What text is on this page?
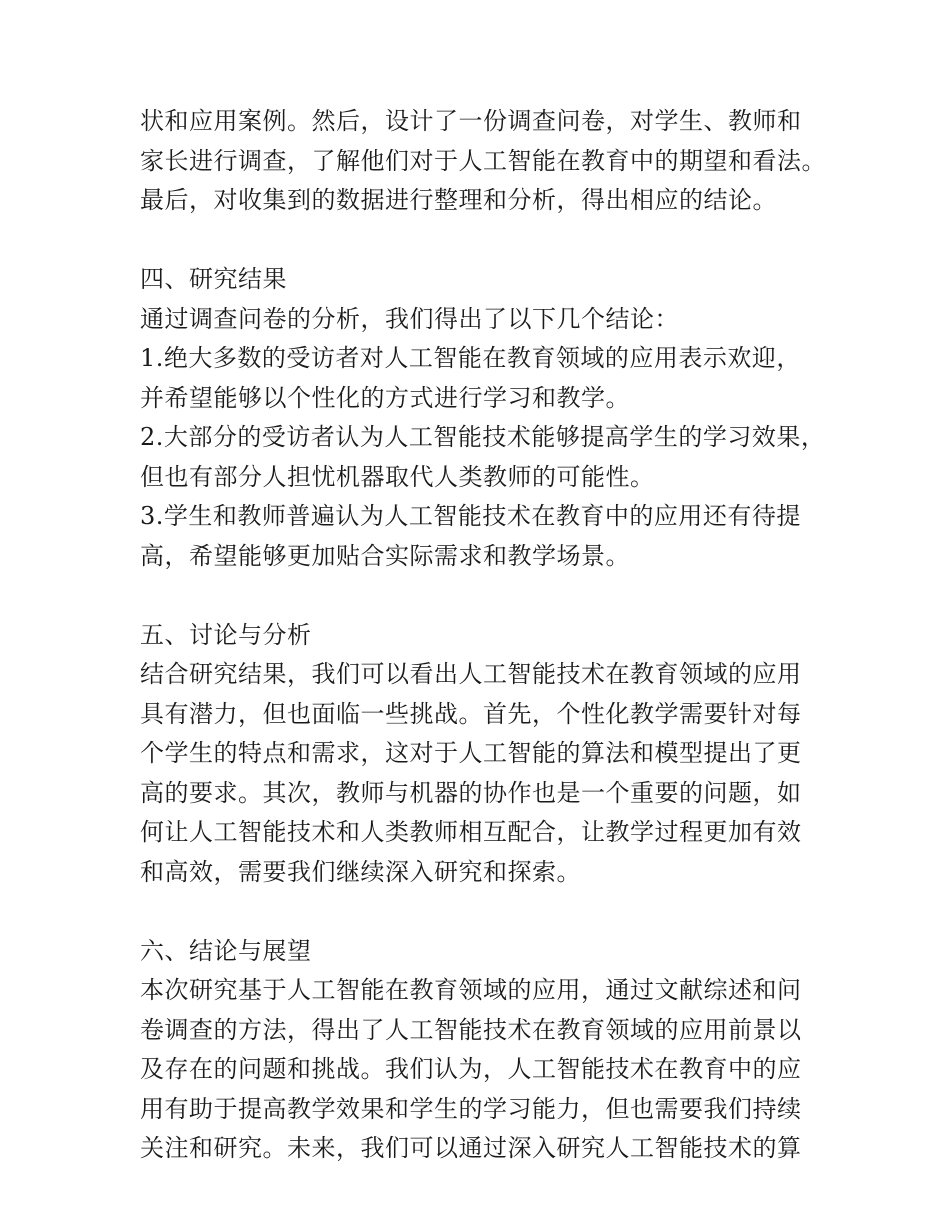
状和应用案例。然后，设计了一份调查问卷，对学生、教师和
家长进行调查，了解他们对于人工智能在教育中的期望和看法。
最后，对收集到的数据进行整理和分析，得出相应的结论。
四、研究结果
通过调查问卷的分析，我们得出了以下几个结论：
1.绝大多数的受访者对人工智能在教育领域的应用表示欢迎，
并希望能够以个性化的方式进行学习和教学。
2.大部分的受访者认为人工智能技术能够提高学生的学习效果，
但也有部分人担忧机器取代人类教师的可能性。
3.学生和教师普遍认为人工智能技术在教育中的应用还有待提
高，希望能够更加贴合实际需求和教学场景。
五、讨论与分析
结合研究结果，我们可以看出人工智能技术在教育领域的应用
具有潜力，但也面临一些挑战。首先，个性化教学需要针对每
个学生的特点和需求，这对于人工智能的算法和模型提出了更
高的要求。其次，教师与机器的协作也是一个重要的问题，如
何让人工智能技术和人类教师相互配合，让教学过程更加有效
和高效，需要我们继续深入研究和探索。
六、结论与展望
本次研究基于人工智能在教育领域的应用，通过文献综述和问
卷调查的方法，得出了人工智能技术在教育领域的应用前景以
及存在的问题和挑战。我们认为，人工智能技术在教育中的应
用有助于提高教学效果和学生的学习能力，但也需要我们持续
关注和研究。未来，我们可以通过深入研究人工智能技术的算
